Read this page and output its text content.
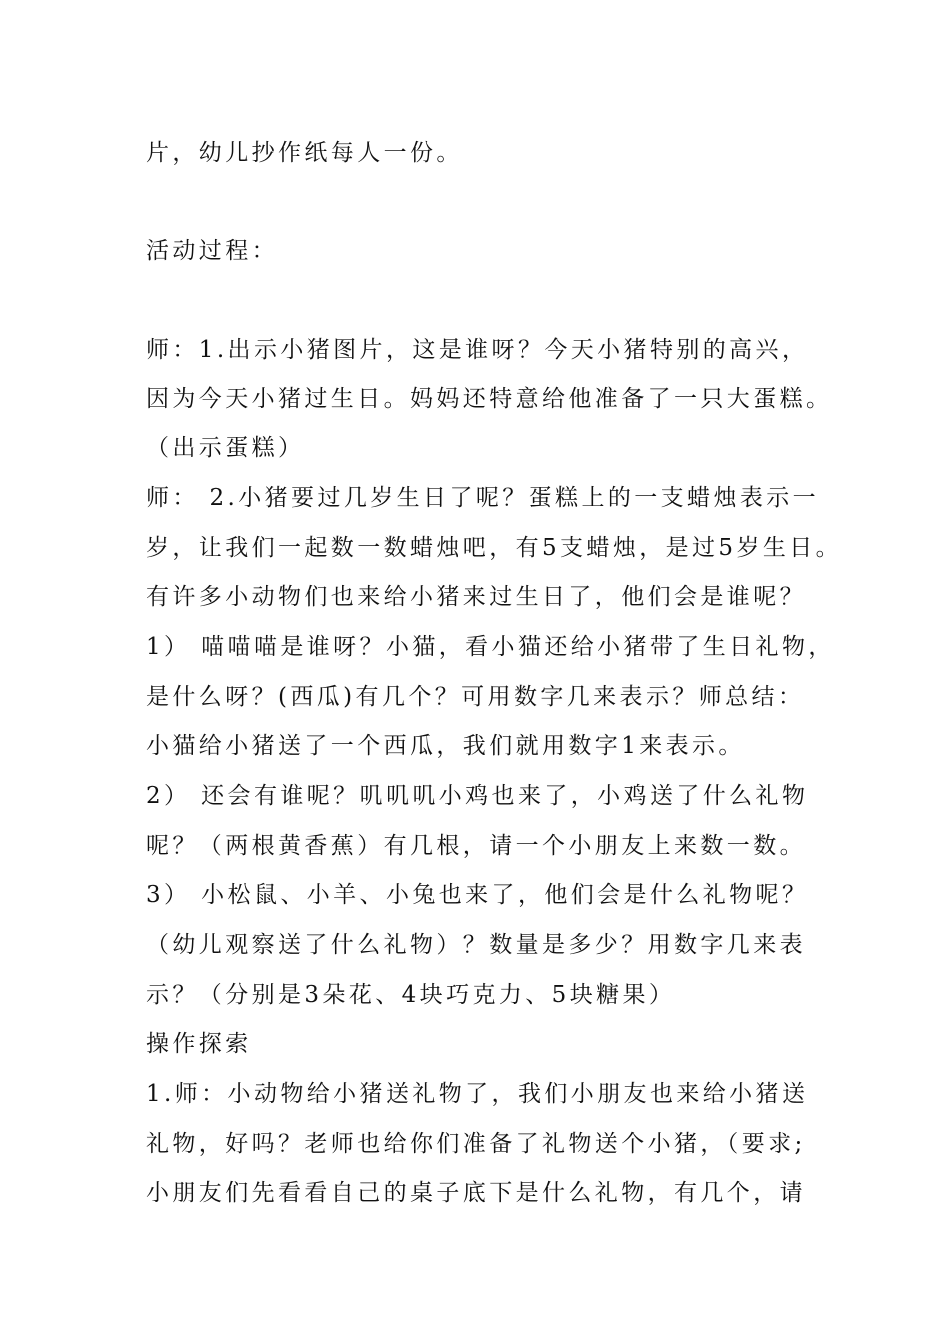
片，幼儿抄作纸每人一份。
活动过程：
师：1.出示小猪图片，这是谁呀？今天小猪特别的高兴，
因为今天小猪过生日。妈妈还特意给他准备了一只大蛋糕。
（出示蛋糕）
师： 2.小猪要过几岁生日了呢？蛋糕上的一支蜡烛表示一
岁，让我们一起数一数蜡烛吧，有5支蜡烛，是过5岁生日。
有许多小动物们也来给小猪来过生日了，他们会是谁呢？
1） 喵喵喵是谁呀？小猫，看小猫还给小猪带了生日礼物，
是什么呀？(西瓜)有几个？可用数字几来表示？师总结：
小猫给小猪送了一个西瓜，我们就用数字1来表示。
2） 还会有谁呢？叽叽叽小鸡也来了，小鸡送了什么礼物
呢？（两根黄香蕉）有几根，请一个小朋友上来数一数。
3） 小松鼠、小羊、小兔也来了，他们会是什么礼物呢？
（幼儿观察送了什么礼物）？数量是多少？用数字几来表
示？（分别是3朵花、4块巧克力、5块糖果）
操作探索
1.师：小动物给小猪送礼物了，我们小朋友也来给小猪送
礼物，好吗？老师也给你们准备了礼物送个小猪，（要求;
小朋友们先看看自己的桌子底下是什么礼物，有几个，请
